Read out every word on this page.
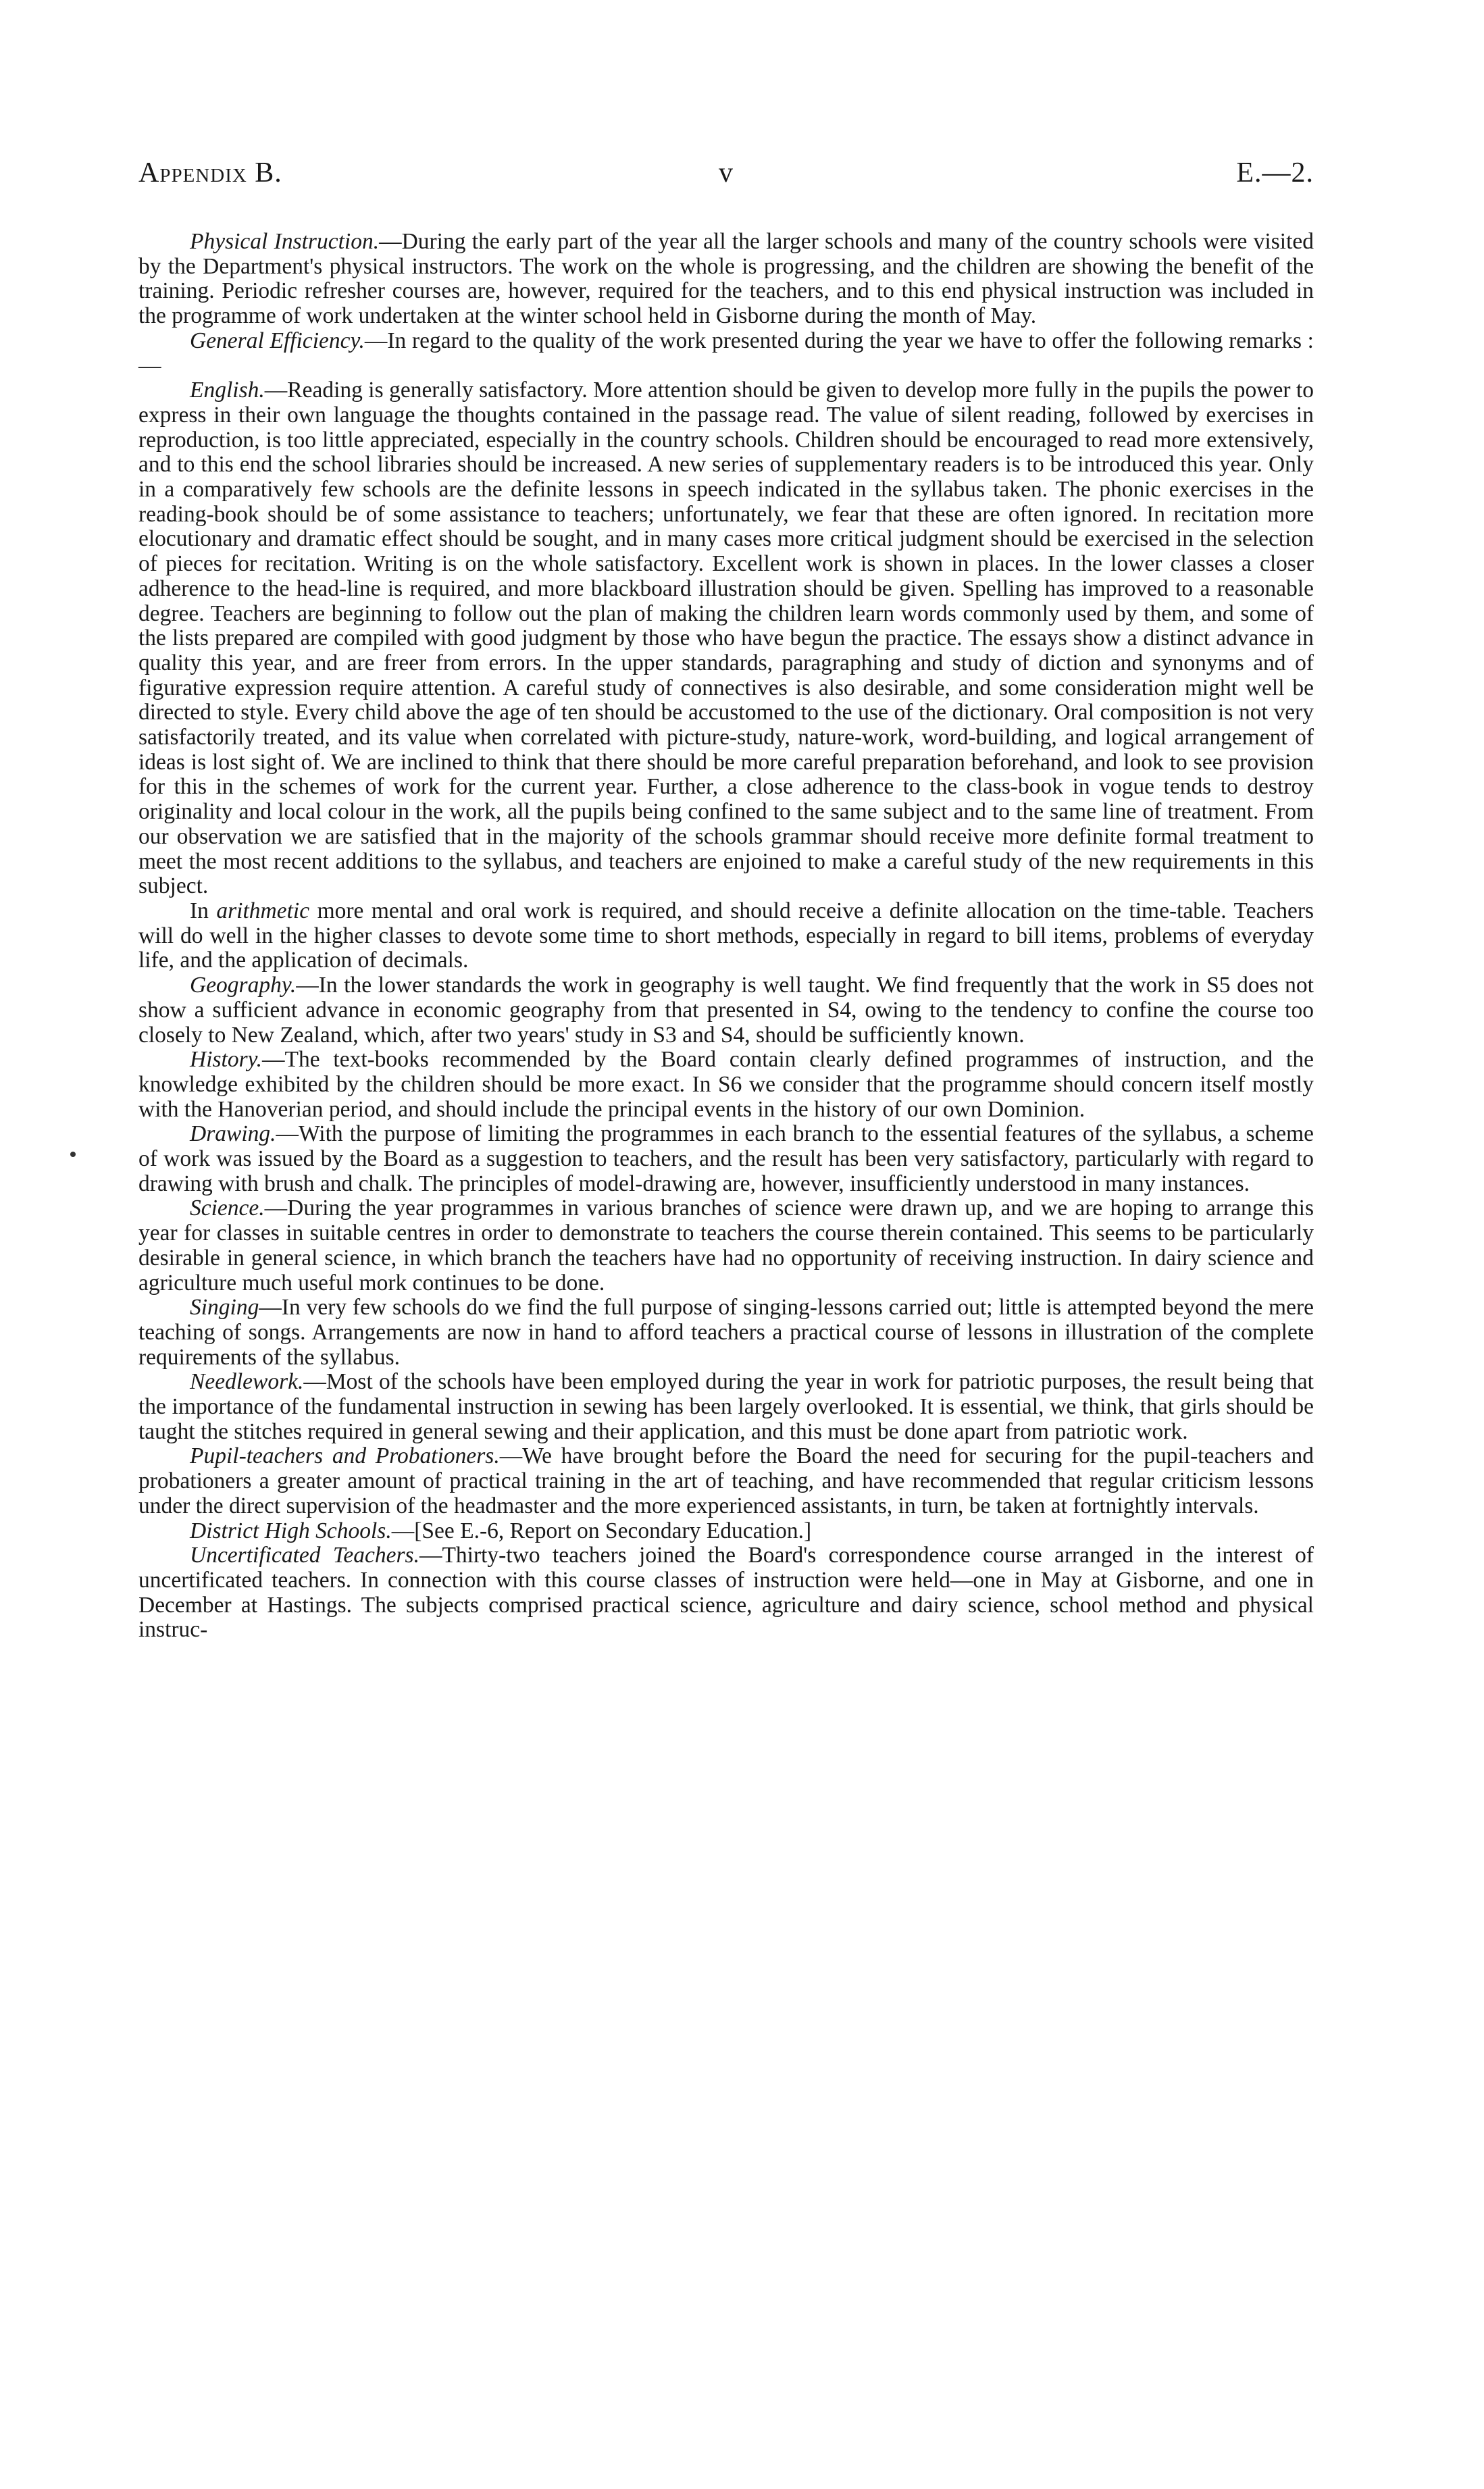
Appendix B.	v	E.—2.

Physical Instruction.—During the early part of the year all the larger schools and many of the country schools were visited by the Department's physical instructors. The work on the whole is progressing, and the children are showing the benefit of the training. Periodic refresher courses are, however, required for the teachers, and to this end physical instruction was included in the programme of work undertaken at the winter school held in Gisborne during the month of May.

General Efficiency.—In regard to the quality of the work presented during the year we have to offer the following remarks :—

English.—Reading is generally satisfactory. More attention should be given to develop more fully in the pupils the power to express in their own language the thoughts contained in the passage read. The value of silent reading, followed by exercises in reproduction, is too little appreciated, especially in the country schools. Children should be encouraged to read more extensively, and to this end the school libraries should be increased. A new series of supplementary readers is to be introduced this year. Only in a comparatively few schools are the definite lessons in speech indicated in the syllabus taken. The phonic exercises in the reading-book should be of some assistance to teachers; unfortunately, we fear that these are often ignored. In recitation more elocutionary and dramatic effect should be sought, and in many cases more critical judgment should be exercised in the selection of pieces for recitation. Writing is on the whole satisfactory. Excellent work is shown in places. In the lower classes a closer adherence to the head-line is required, and more blackboard illustration should be given. Spelling has improved to a reasonable degree. Teachers are beginning to follow out the plan of making the children learn words commonly used by them, and some of the lists prepared are compiled with good judgment by those who have begun the practice. The essays show a distinct advance in quality this year, and are freer from errors. In the upper standards, paragraphing and study of diction and synonyms and of figurative expression require attention. A careful study of connectives is also desirable, and some consideration might well be directed to style. Every child above the age of ten should be accustomed to the use of the dictionary. Oral composition is not very satisfactorily treated, and its value when correlated with picture-study, nature-work, word-building, and logical arrangement of ideas is lost sight of. We are inclined to think that there should be more careful preparation beforehand, and look to see provision for this in the schemes of work for the current year. Further, a close adherence to the class-book in vogue tends to destroy originality and local colour in the work, all the pupils being confined to the same subject and to the same line of treatment. From our observation we are satisfied that in the majority of the schools grammar should receive more definite formal treatment to meet the most recent additions to the syllabus, and teachers are enjoined to make a careful study of the new requirements in this subject.

In arithmetic more mental and oral work is required, and should receive a definite allocation on the time-table. Teachers will do well in the higher classes to devote some time to short methods, especially in regard to bill items, problems of everyday life, and the application of decimals.

Geography.—In the lower standards the work in geography is well taught. We find frequently that the work in S5 does not show a sufficient advance in economic geography from that presented in S4, owing to the tendency to confine the course too closely to New Zealand, which, after two years' study in S3 and S4, should be sufficiently known.

History.—The text-books recommended by the Board contain clearly defined programmes of instruction, and the knowledge exhibited by the children should be more exact. In S6 we consider that the programme should concern itself mostly with the Hanoverian period, and should include the principal events in the history of our own Dominion.

Drawing.—With the purpose of limiting the programmes in each branch to the essential features of the syllabus, a scheme of work was issued by the Board as a suggestion to teachers, and the result has been very satisfactory, particularly with regard to drawing with brush and chalk. The principles of model-drawing are, however, insufficiently understood in many instances.

Science.—During the year programmes in various branches of science were drawn up, and we are hoping to arrange this year for classes in suitable centres in order to demonstrate to teachers the course therein contained. This seems to be particularly desirable in general science, in which branch the teachers have had no opportunity of receiving instruction. In dairy science and agriculture much useful mork continues to be done.

Singing—In very few schools do we find the full purpose of singing-lessons carried out; little is attempted beyond the mere teaching of songs. Arrangements are now in hand to afford teachers a practical course of lessons in illustration of the complete requirements of the syllabus.

Needlework.—Most of the schools have been employed during the year in work for patriotic purposes, the result being that the importance of the fundamental instruction in sewing has been largely overlooked. It is essential, we think, that girls should be taught the stitches required in general sewing and their application, and this must be done apart from patriotic work.

Pupil-teachers and Probationers.—We have brought before the Board the need for securing for the pupil-teachers and probationers a greater amount of practical training in the art of teaching, and have recommended that regular criticism lessons under the direct supervision of the headmaster and the more experienced assistants, in turn, be taken at fortnightly intervals.

District High Schools.—[See E.-6, Report on Secondary Education.]

Uncertificated Teachers.—Thirty-two teachers joined the Board's correspondence course arranged in the interest of uncertificated teachers. In connection with this course classes of instruction were held—one in May at Gisborne, and one in December at Hastings. The subjects comprised practical science, agriculture and dairy science, school method and physical instruc-
